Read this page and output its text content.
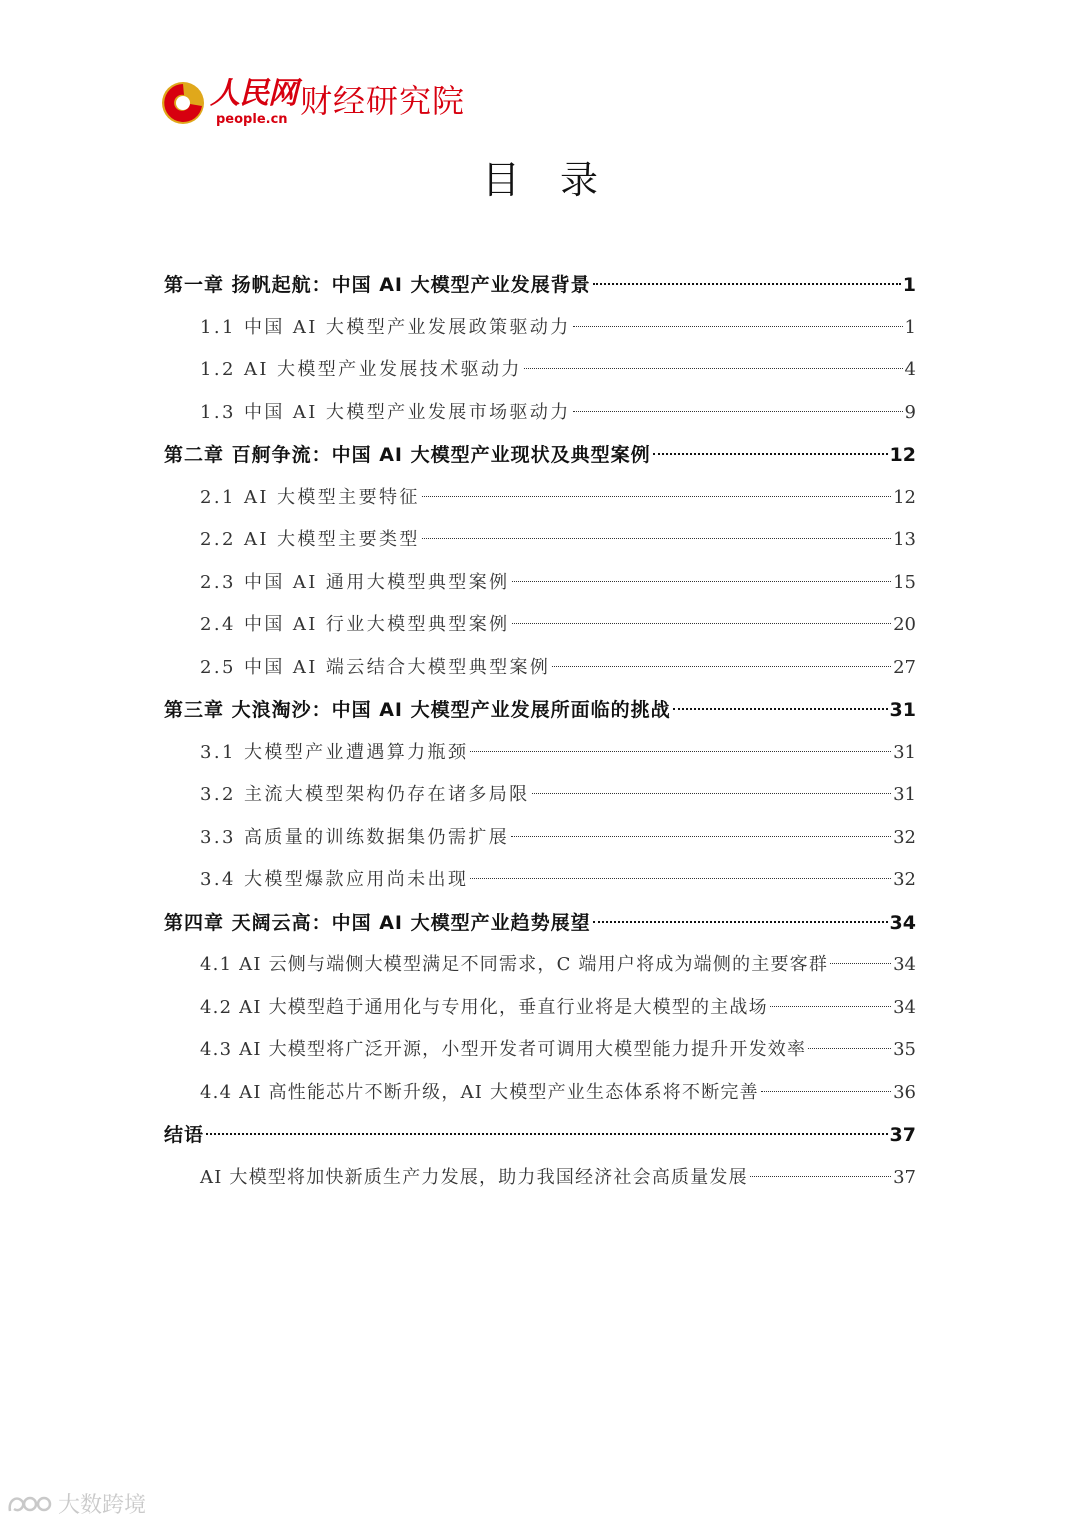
人民网
people.cn 财经研究院
目录
第一章 扬帆起航：中国 AI 大模型产业发展背景	1
1.1 中国 AI 大模型产业发展政策驱动力	1
1.2 AI 大模型产业发展技术驱动力	4
1.3 中国 AI 大模型产业发展市场驱动力	9
第二章 百舸争流：中国 AI 大模型产业现状及典型案例	12
2.1 AI 大模型主要特征	12
2.2 AI 大模型主要类型	13
2.3 中国 AI 通用大模型典型案例	15
2.4 中国 AI 行业大模型典型案例	20
2.5 中国 AI 端云结合大模型典型案例	27
第三章 大浪淘沙：中国 AI 大模型产业发展所面临的挑战	31
3.1 大模型产业遭遇算力瓶颈	31
3.2 主流大模型架构仍存在诸多局限	31
3.3 高质量的训练数据集仍需扩展	32
3.4 大模型爆款应用尚未出现	32
第四章 天阔云高：中国 AI 大模型产业趋势展望	34
4.1 AI 云侧与端侧大模型满足不同需求，C 端用户将成为端侧的主要客群	34
4.2 AI 大模型趋于通用化与专用化，垂直行业将是大模型的主战场	34
4.3 AI 大模型将广泛开源，小型开发者可调用大模型能力提升开发效率	35
4.4 AI 高性能芯片不断升级，AI 大模型产业生态体系将不断完善	36
结语	37
AI 大模型将加快新质生产力发展，助力我国经济社会高质量发展	37
大数跨境
